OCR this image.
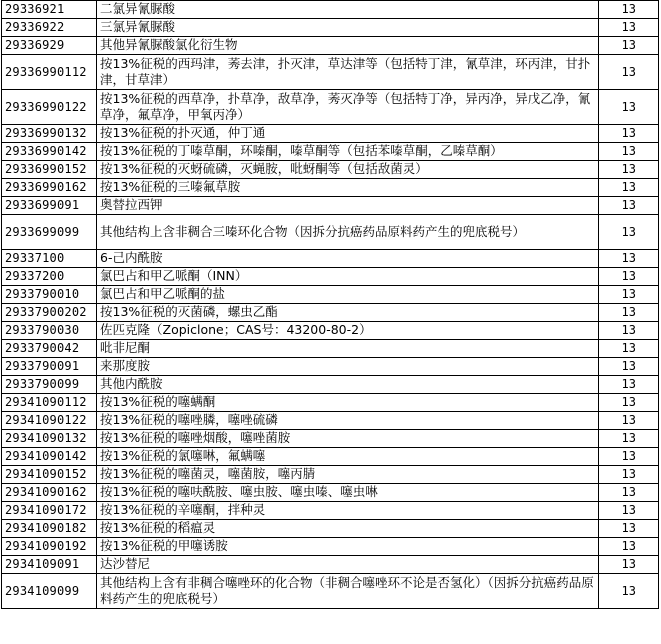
29336921	二氯异氰脲酸	13
29336922	三氯异氰脲酸	13
29336929	其他异氰脲酸氯化衍生物	13
29336990112	按13%征税的西玛津，莠去津，扑灭津，草达津等（包括特丁津，氰草津，环丙津，甘扑津，甘草津）	13
29336990122	按13%征税的西草净，扑草净，敌草净，莠灭净等（包括特丁净，异丙净，异戊乙净，氰草净，氟草净，甲氧丙净）	13
29336990132	按13%征税的扑灭通，仲丁通	13
29336990142	按13%征税的丁嗪草酮，环嗪酮，嗪草酮等（包括苯嗪草酮，乙嗪草酮）	13
29336990152	按13%征税的灭蚜硫磷，灭蝇胺，吡蚜酮等（包括敌菌灵）	13
29336990162	按13%征税的三嗪氟草胺	13
2933699091	奥替拉西钾	13
2933699099	其他结构上含非稠合三嗪环化合物（因拆分抗癌药品原料药产生的兜底税号）	13
29337100	6-己内酰胺	13
29337200	氯巴占和甲乙哌酮（INN）	13
2933790010	氯巴占和甲乙哌酮的盐	13
29337900202	按13%征税的灭菌磷，螺虫乙酯	13
2933790030	佐匹克隆（Zopiclone；CAS号：43200-80-2）	13
2933790042	吡非尼酮	13
2933790091	来那度胺	13
2933790099	其他内酰胺	13
29341090112	按13%征税的噻螨酮	13
29341090122	按13%征税的噻唑膦，噻唑硫磷	13
29341090132	按13%征税的噻唑烟酸，噻唑菌胺	13
29341090142	按13%征税的氯噻啉，氟螨噻	13
29341090152	按13%征税的噻菌灵，噻菌胺，噻丙腈	13
29341090162	按13%征税的噻呋酰胺、噻虫胺、噻虫嗪、噻虫啉	13
29341090172	按13%征税的辛噻酮，拌种灵	13
29341090182	按13%征税的稻瘟灵	13
29341090192	按13%征税的甲噻诱胺	13
2934109091	达沙替尼	13
2934109099	其他结构上含有非稠合噻唑环的化合物（非稠合噻唑环不论是否氢化）（因拆分抗癌药品原料药产生的兜底税号）	13
